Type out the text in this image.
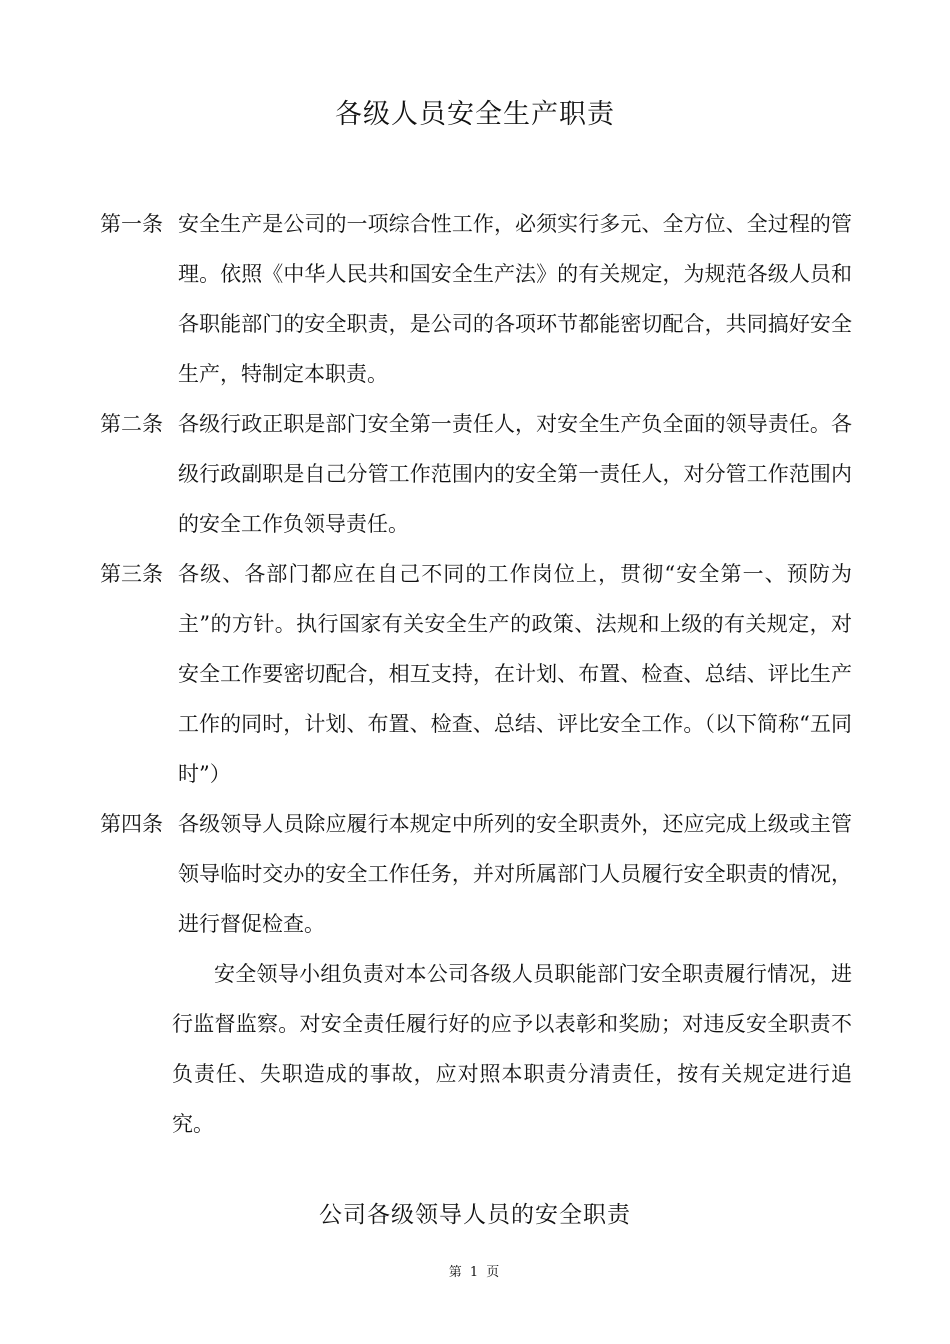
各级人员安全生产职责
第一条 安全生产是公司的一项综合性工作，必须实行多元、全方位、全过程的管理。依照《中华人民共和国安全生产法》的有关规定，为规范各级人员和各职能部门的安全职责，是公司的各项环节都能密切配合，共同搞好安全生产，特制定本职责。
第二条 各级行政正职是部门安全第一责任人，对安全生产负全面的领导责任。各级行政副职是自己分管工作范围内的安全第一责任人，对分管工作范围内的安全工作负领导责任。
第三条 各级、各部门都应在自己不同的工作岗位上，贯彻“安全第一、预防为主”的方针。执行国家有关安全生产的政策、法规和上级的有关规定，对安全工作要密切配合，相互支持，在计划、布置、检查、总结、评比生产工作的同时，计划、布置、检查、总结、评比安全工作。（以下简称“五同时”）
第四条 各级领导人员除应履行本规定中所列的安全职责外，还应完成上级或主管领导临时交办的安全工作任务，并对所属部门人员履行安全职责的情况，进行督促检查。
安全领导小组负责对本公司各级人员职能部门安全职责履行情况，进行监督监察。对安全责任履行好的应予以表彰和奖励；对违反安全职责不负责任、失职造成的事故，应对照本职责分清责任，按有关规定进行追究。
公司各级领导人员的安全职责
第 1 页
